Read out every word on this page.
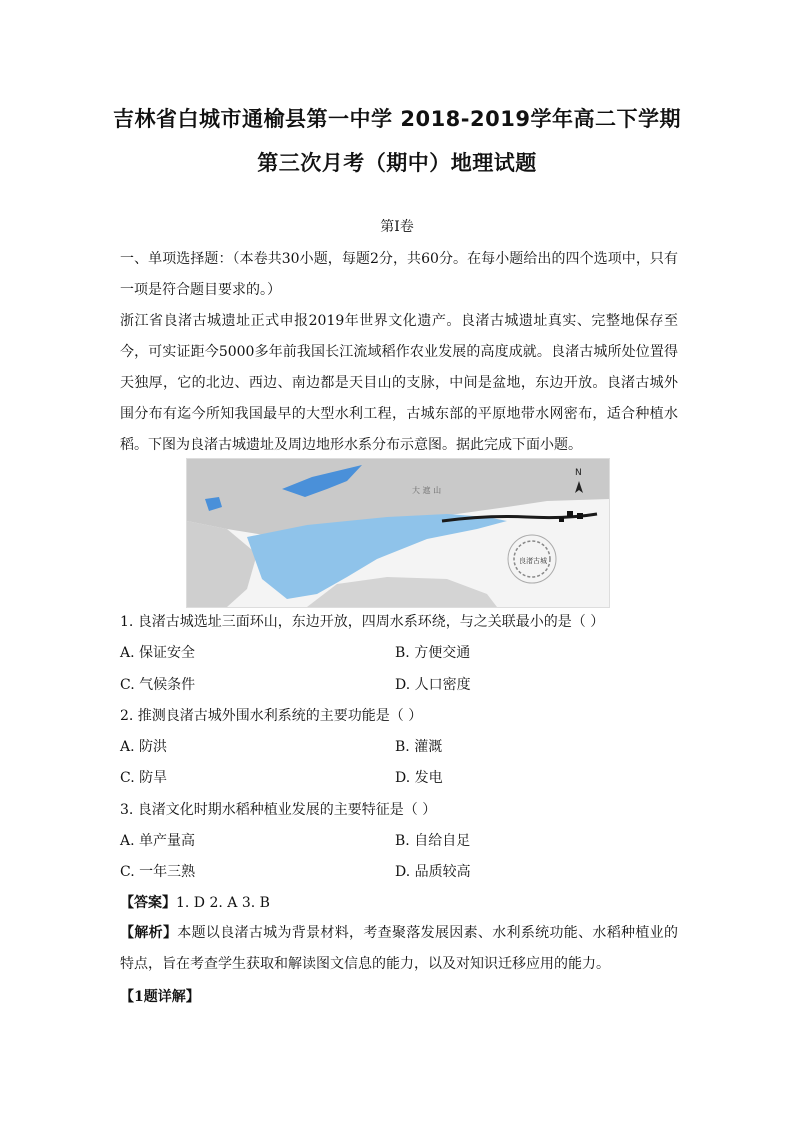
吉林省白城市通榆县第一中学 2018-2019学年高二下学期
第三次月考（期中）地理试题
第Ⅰ卷

一、单项选择题：（本卷共30小题，每题2分，共60分。在每小题给出的四个选项中，只有一项是符合题目要求的。）

浙江省良渚古城遗址正式申报2019年世界文化遗产。良渚古城遗址真实、完整地保存至今，可实证距今5000多年前我国长江流域稻作农业发展的高度成就。良渚古城所处位置得天独厚，它的北边、西边、南边都是天目山的支脉，中间是盆地，东边开放。良渚古城外围分布有迄今所知我国最早的大型水利工程，古城东部的平原地带水网密布，适合种植水稻。下图为良渚古城遗址及周边地形水系分布示意图。据此完成下面小题。

大 遮 山
良渚古城
N
1. 良渚古城选址三面环山，东边开放，四周水系环绕，与之关联最小的是（ ）
A. 保证安全	B. 方便交通
C. 气候条件	D. 人口密度
2. 推测良渚古城外围水利系统的主要功能是（ ）
A. 防洪	B. 灌溉
C. 防旱	D. 发电
3. 良渚文化时期水稻种植业发展的主要特征是（ ）
A. 单产量高	B. 自给自足
C. 一年三熟	D. 品质较高
【答案】1. D 2. A 3. B

【解析】本题以良渚古城为背景材料，考查聚落发展因素、水利系统功能、水稻种植业的特点，旨在考查学生获取和解读图文信息的能力，以及对知识迁移应用的能力。

【1题详解】
